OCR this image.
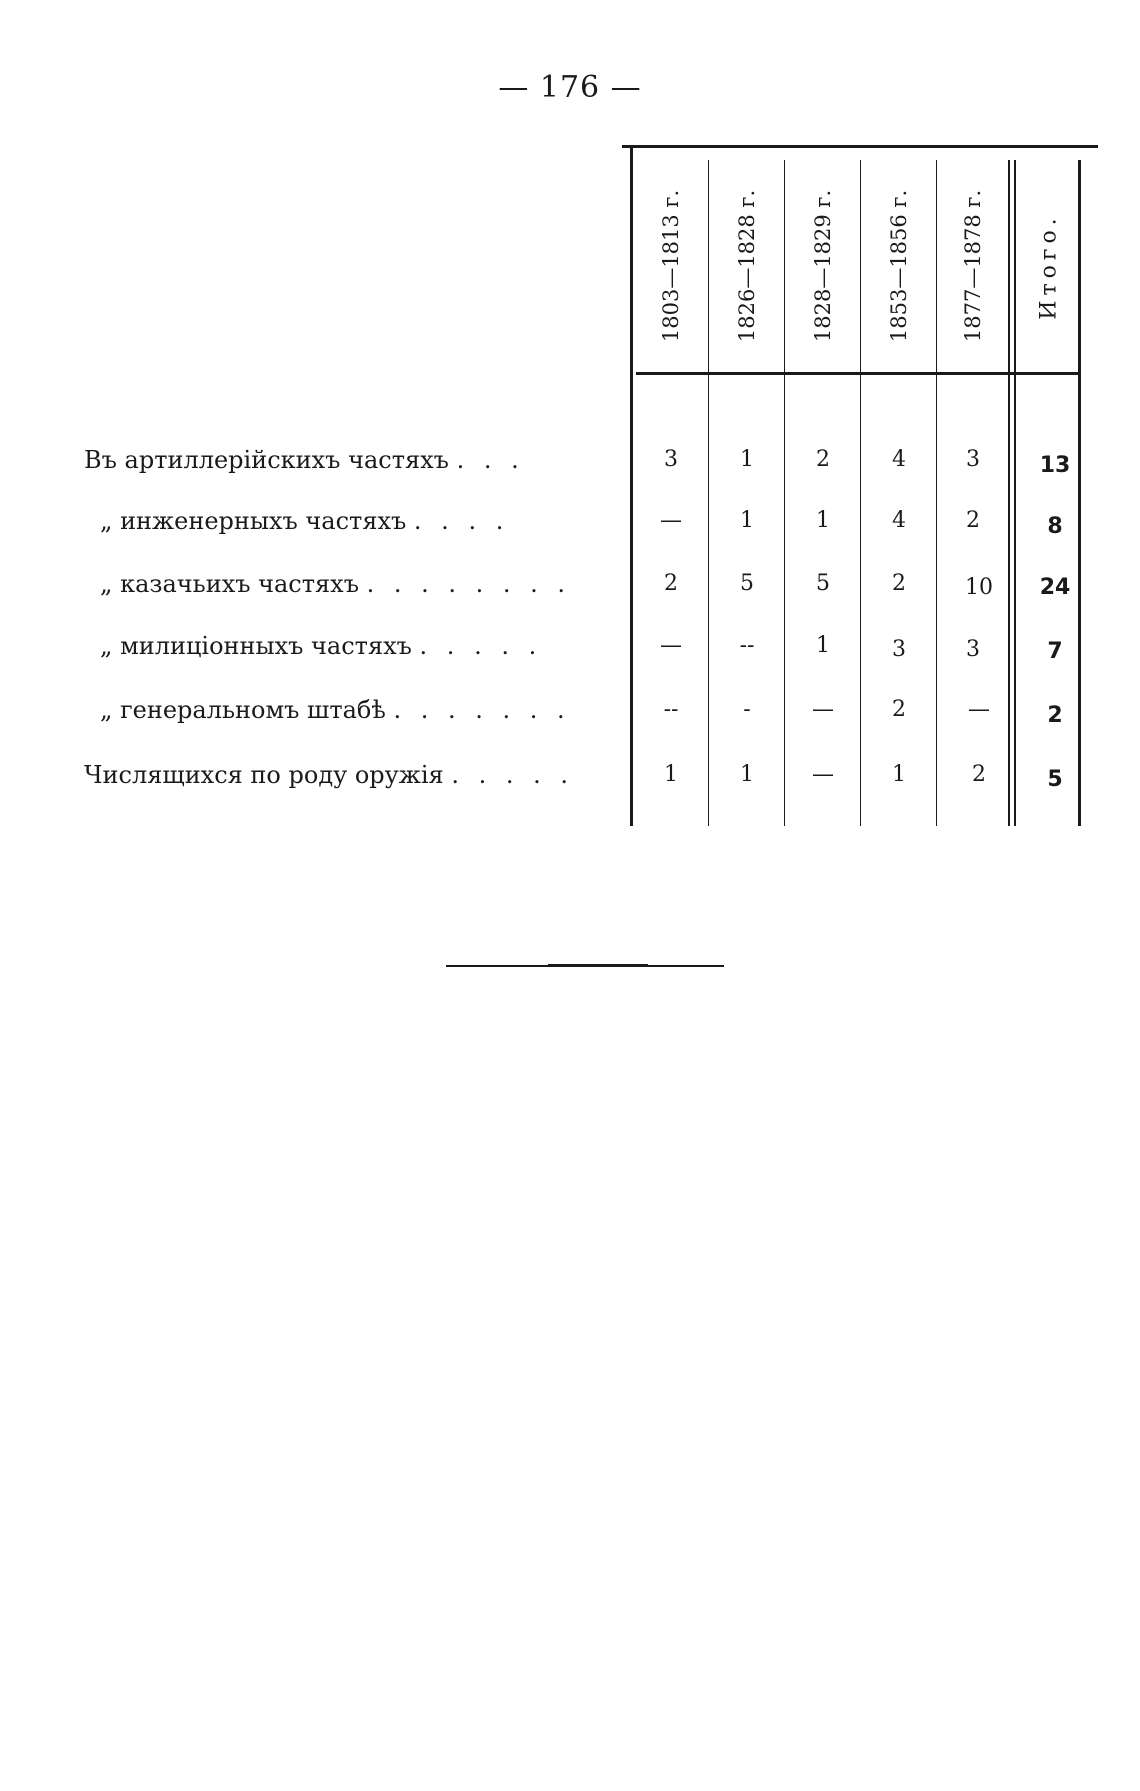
— 176 —
1803—1813 г. 1826—1828 г. 1828—1829 г. 1853—1856 г. 1877—1878 г. Итого.
Въ артиллерійскихъ частяхъ . . .	3	1	2	4	3	13
„ инженерныхъ частяхъ . . . .	—	1	1	4	2	8
„ казачьихъ частяхъ . . . . . . . .	2	5	5	2	10	24
„ милиціонныхъ частяхъ . . . . .	—	--	1	3	3	7
„ генеральномъ штабѣ . . . . . . .	--	-	—	2	—	2
Числящихся по роду оружія . . . . .	1	1	—	1	2	5
